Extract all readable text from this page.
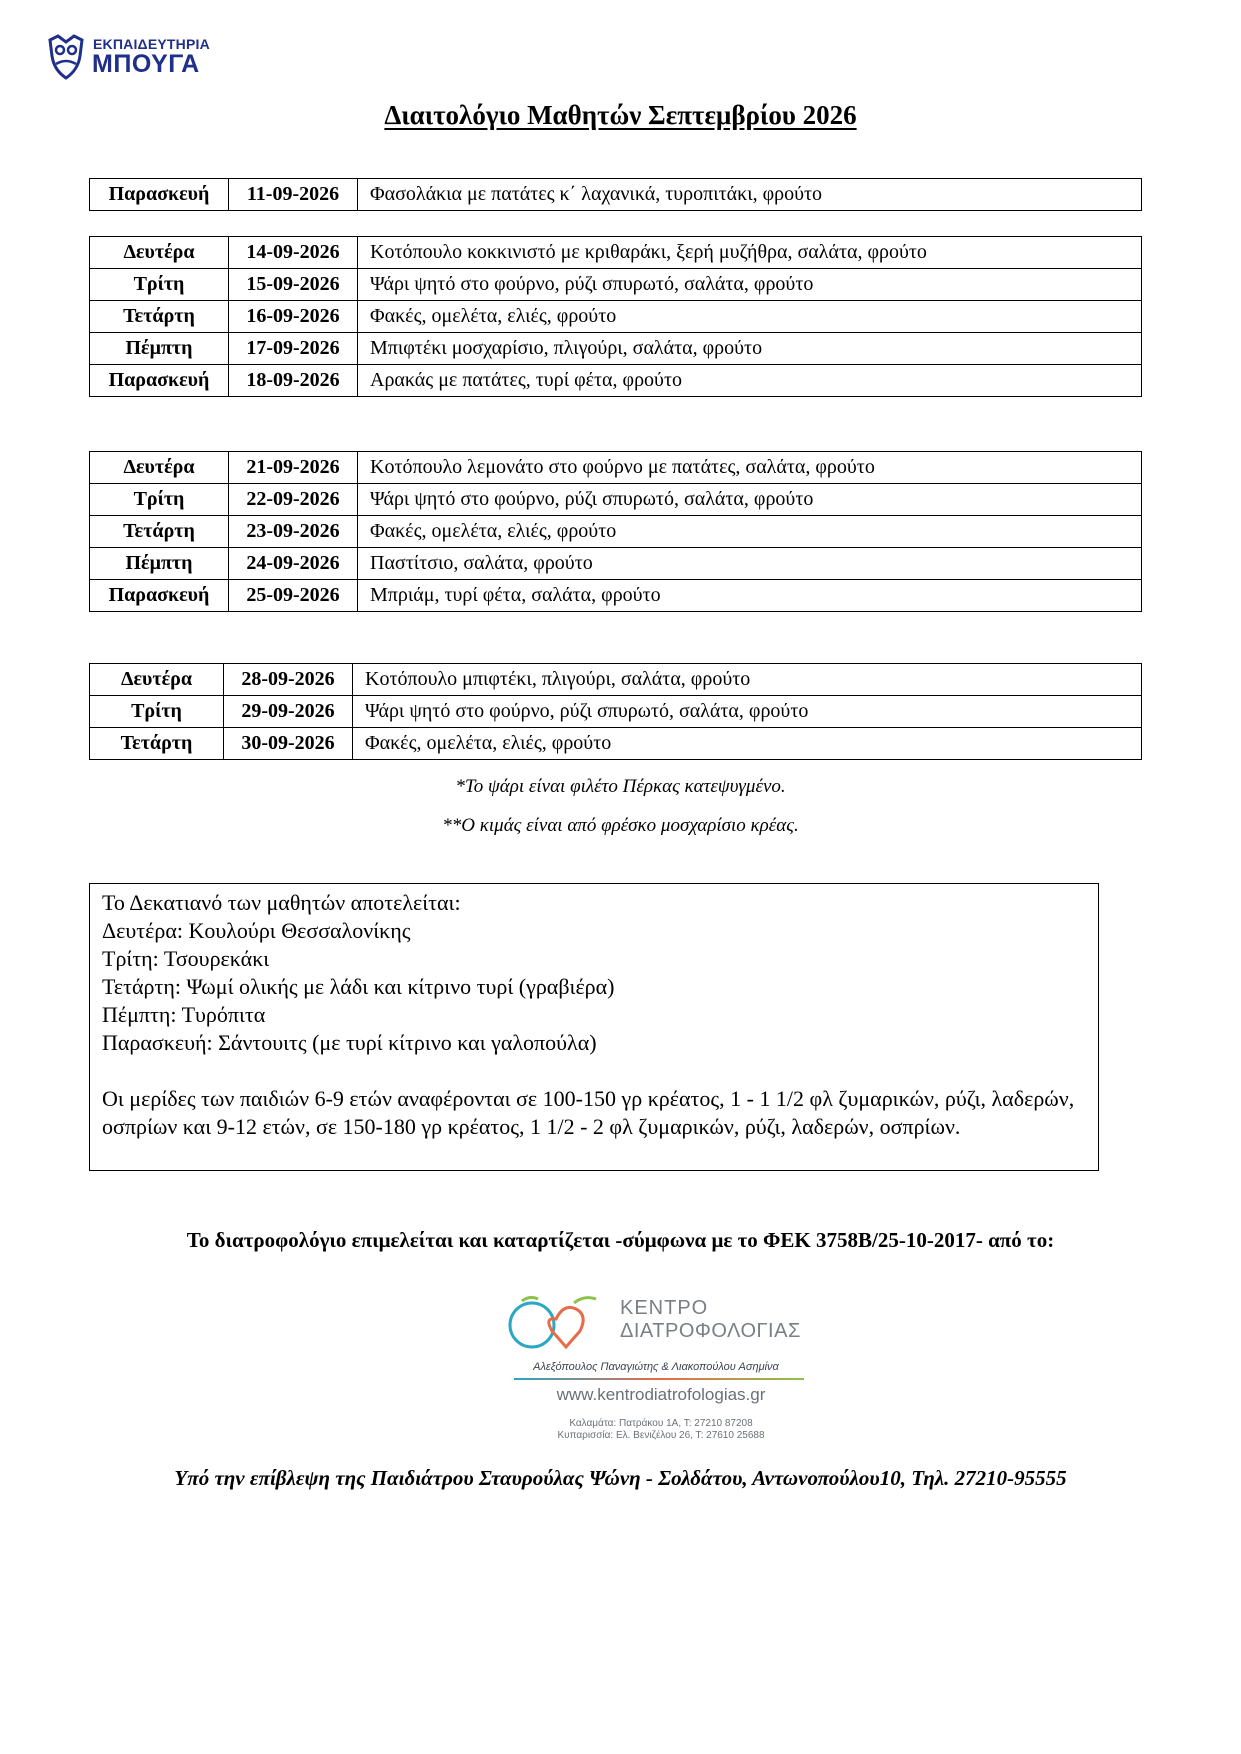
ΕΚΠΑΙΔΕΥΤΗΡΙΑ
ΜΠΟΥΓΑ
Διαιτολόγιο Μαθητών Σεπτεμβρίου 2026
Παρασκευή	11-09-2026	Φασολάκια με πατάτες κ΄ λαχανικά, τυροπιτάκι, φρούτο
Δευτέρα	14-09-2026	Κοτόπουλο κοκκινιστό με κριθαράκι, ξερή μυζήθρα, σαλάτα, φρούτο
Τρίτη	15-09-2026	Ψάρι ψητό στο φούρνο, ρύζι σπυρωτό, σαλάτα, φρούτο
Τετάρτη	16-09-2026	Φακές, ομελέτα, ελιές, φρούτο
Πέμπτη	17-09-2026	Μπιφτέκι μοσχαρίσιο, πλιγούρι, σαλάτα, φρούτο
Παρασκευή	18-09-2026	Αρακάς με πατάτες, τυρί φέτα, φρούτο
Δευτέρα	21-09-2026	Κοτόπουλο λεμονάτο στο φούρνο με πατάτες, σαλάτα, φρούτο
Τρίτη	22-09-2026	Ψάρι ψητό στο φούρνο, ρύζι σπυρωτό, σαλάτα, φρούτο
Τετάρτη	23-09-2026	Φακές, ομελέτα, ελιές, φρούτο
Πέμπτη	24-09-2026	Παστίτσιο, σαλάτα, φρούτο
Παρασκευή	25-09-2026	Μπριάμ, τυρί φέτα, σαλάτα, φρούτο
Δευτέρα	28-09-2026	Κοτόπουλο μπιφτέκι, πλιγούρι, σαλάτα, φρούτο
Τρίτη	29-09-2026	Ψάρι ψητό στο φούρνο, ρύζι σπυρωτό, σαλάτα, φρούτο
Τετάρτη	30-09-2026	Φακές, ομελέτα, ελιές, φρούτο
*Το ψάρι είναι φιλέτο Πέρκας κατεψυγμένο.
**Ο κιμάς είναι από φρέσκο μοσχαρίσιο κρέας.
Το Δεκατιανό των μαθητών αποτελείται:
Δευτέρα: Κουλούρι Θεσσαλονίκης
Τρίτη: Τσουρεκάκι
Τετάρτη: Ψωμί ολικής με λάδι και κίτρινο τυρί (γραβιέρα)
Πέμπτη: Τυρόπιτα
Παρασκευή: Σάντουιτς (με τυρί κίτρινο και γαλοπούλα)
Οι μερίδες των παιδιών 6-9 ετών αναφέρονται σε 100-150 γρ κρέατος, 1 - 1 1/2 φλ ζυμαρικών, ρύζι, λαδερών, οσπρίων και 9-12 ετών, σε 150-180 γρ κρέατος, 1 1/2 - 2 φλ ζυμαρικών, ρύζι, λαδερών, οσπρίων.
Το διατροφολόγιο επιμελείται και καταρτίζεται -σύμφωνα με το ΦΕΚ 3758Β/25-10-2017- από το:
ΚΕΝΤΡΟ
ΔΙΑΤΡΟΦΟΛΟΓΙΑΣ
Αλεξόπουλος Παναγιώτης & Λιακοπούλου Ασημίνα
www.kentrodiatrofologias.gr
Καλαμάτα: Πατράκου 1Α, Τ: 27210 87208
Κυπαρισσία: Ελ. Βενιζέλου 26, Τ: 27610 25688
Υπό την επίβλεψη της Παιδιάτρου Σταυρούλας Ψώνη - Σολδάτου, Αντωνοπούλου10, Τηλ. 27210-95555
